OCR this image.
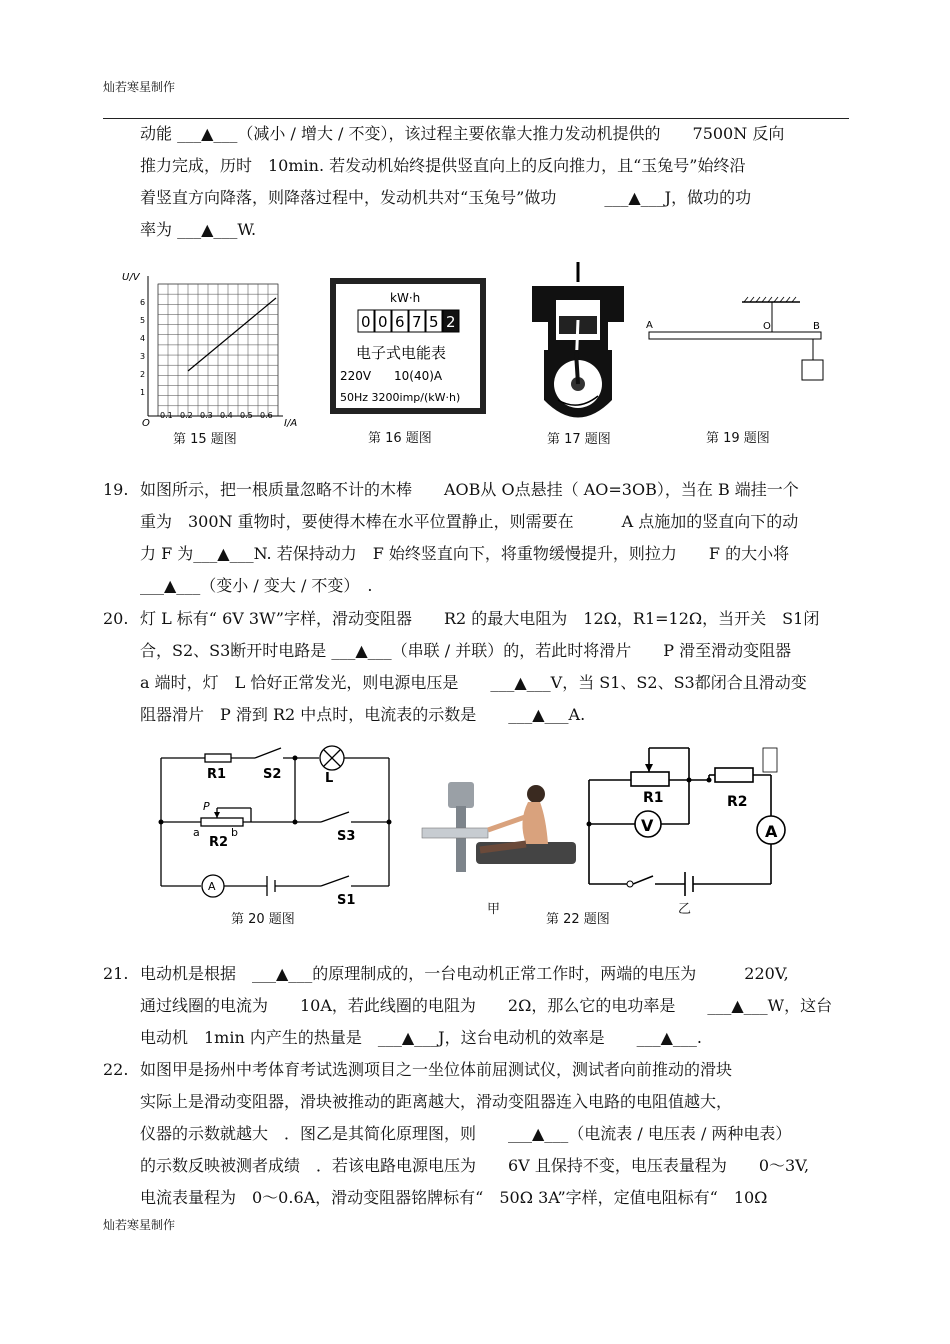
灿若寒星制作
动能 ___▲___（减小 / 增大 / 不变），该过程主要依靠大推力发动机提供的　　7500N 反向
推力完成，历时　10min. 若发动机始终提供竖直向上的反向推力，且“玉兔号”始终沿
着竖直方向降落，则降落过程中，发动机共对“玉兔号”做功　　　___▲___J，做功的功
率为 ___▲___W.
U/V
I/A
O
1
2
3
4
5
6
0.1 0.2 0.3 0.4 0.5 0.6
第 15 题图
kW·h
0 0 6 7 5 2
电子式电能表
220V      10(40)A
50Hz 3200imp/(kW·h)
第 16 题图	第 17 题图
A	O	B
第 19 题图
19. 如图所示，把一根质量忽略不计的木棒　　AOB从 O点悬挂（ AO=3OB），当在 B 端挂一个
重为　300N 重物时，要使得木棒在水平位置静止，则需要在　　　A 点施加的竖直向下的动
力 F 为___▲___N. 若保持动力　F 始终竖直向下，将重物缓慢提升，则拉力　　F 的大小将
___▲___（变小 / 变大 / 不变）　.
20. 灯 L 标有“ 6V 3W”字样，滑动变阻器　　R2 的最大电阻为　12Ω，R1=12Ω，当开关　S1闭
合，S2、S3断开时电路是 ___▲___（串联 / 并联）的，若此时将滑片　　P 滑至滑动变阻器
a 端时，灯　L 恰好正常发光，则电源电压是　　___▲___V，当 S1、S2、S3都闭合且滑动变
阻器滑片　P 滑到 R2 中点时，电流表的示数是　　___▲___A.
R1	S2	L
P
a	b
R2	S3
A
S1
第 20 题图
甲
R1	R2
V	A
第 22 题图
乙
21. 电动机是根据　___▲___的原理制成的，一台电动机正常工作时，两端的电压为　　　220V,
通过线圈的电流为　　10A，若此线圈的电阻为　　2Ω，那么它的电功率是　　___▲___W，这台
电动机　1min 内产生的热量是　___▲___J，这台电动机的效率是　　___▲___.
22. 如图甲是扬州中考体育考试选测项目之一坐位体前屈测试仪，测试者向前推动的滑块
实际上是滑动变阻器，滑块被推动的距离越大，滑动变阻器连入电路的电阻值越大，
仪器的示数就越大　．图乙是其简化原理图，则　　___▲___（电流表 / 电压表 / 两种电表）
的示数反映被测者成绩　．若该电路电源电压为　　6V 且保持不变，电压表量程为　　0～3V,
电流表量程为　0～0.6A，滑动变阻器铭牌标有“　50Ω 3A”字样，定值电阻标有“　10Ω
灿若寒星制作
